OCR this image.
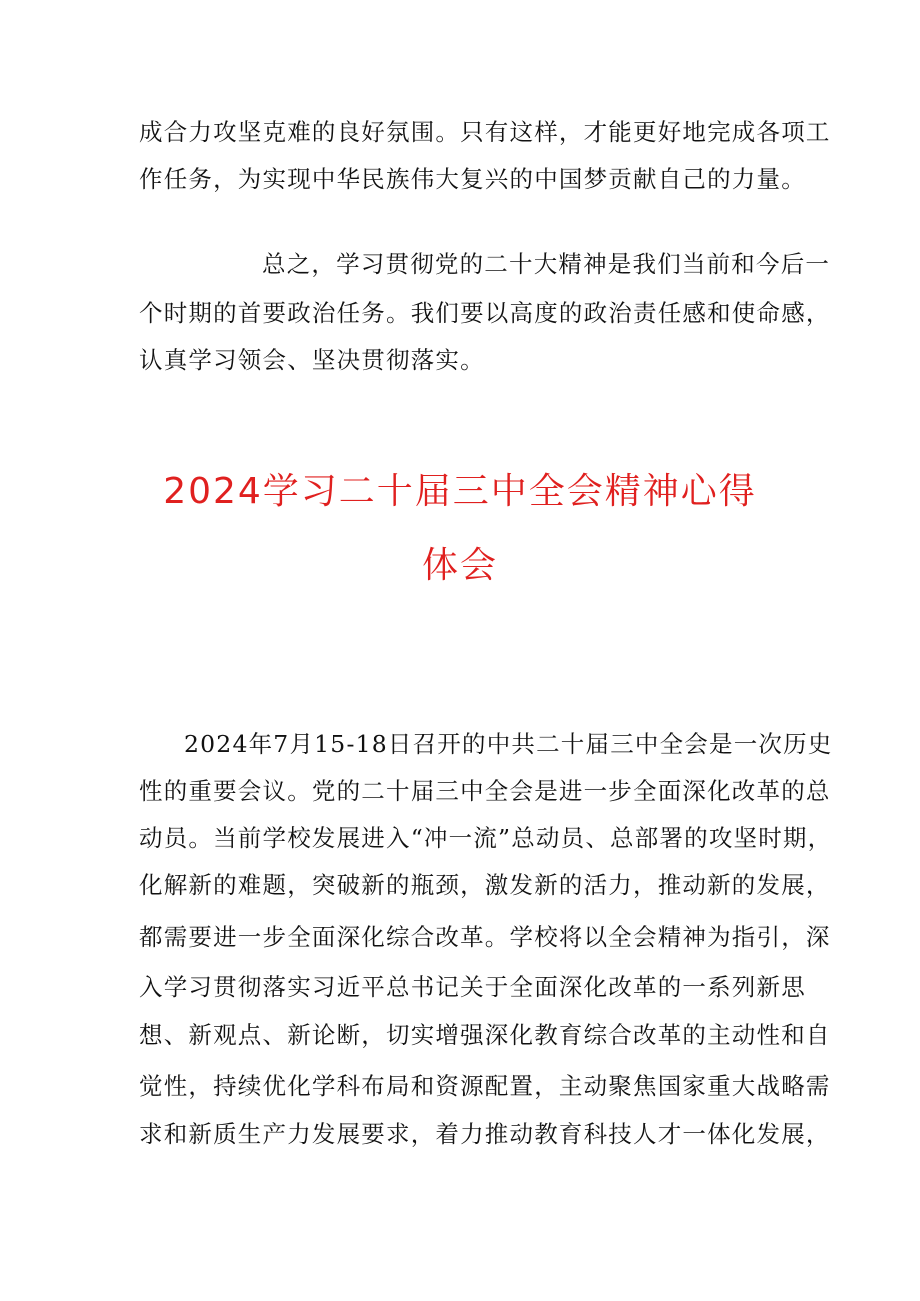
成合力攻坚克难的良好氛围。只有这样，才能更好地完成各项工
作任务，为实现中华民族伟大复兴的中国梦贡献自己的力量。
总之，学习贯彻党的二十大精神是我们当前和今后一
个时期的首要政治任务。我们要以高度的政治责任感和使命感，
认真学习领会、坚决贯彻落实。
2024学习二十届三中全会精神心得
体会
2024年7月15-18日召开的中共二十届三中全会是一次历史
性的重要会议。党的二十届三中全会是进一步全面深化改革的总
动员。当前学校发展进入“冲一流”总动员、总部署的攻坚时期，
化解新的难题，突破新的瓶颈，激发新的活力，推动新的发展，
都需要进一步全面深化综合改革。学校将以全会精神为指引，深
入学习贯彻落实习近平总书记关于全面深化改革的一系列新思
想、新观点、新论断，切实增强深化教育综合改革的主动性和自
觉性，持续优化学科布局和资源配置，主动聚焦国家重大战略需
求和新质生产力发展要求，着力推动教育科技人才一体化发展，
